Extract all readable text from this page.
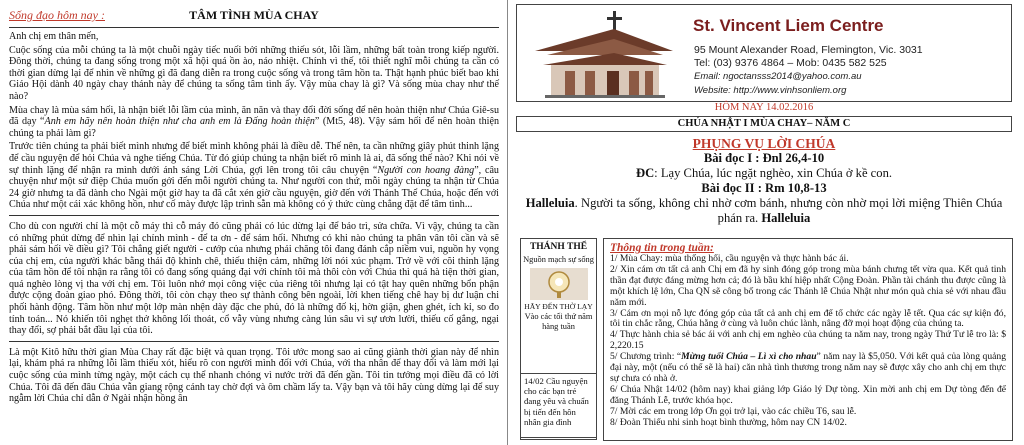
Sống đạo hôm nay :	TÂM TÌNH MÙA CHAY

Anh chị em thân mến,

Cuộc sống của mỗi chúng ta là một chuỗi ngày tiếc nuối bởi những thiếu sót, lỗi lầm, những bất toàn trong kiếp người. Đông thời, chúng ta đang sống trong một xã hội quá ồn ào, náo nhiệt. Chính vì thế, tôi thiết nghĩ mỗi chúng ta cần có thời gian dừng lại để nhìn về những gì đã đang diễn ra trong cuộc sống và trong tâm hồn ta. Thật hạnh phúc biết bao khi Giáo Hội dành 40 ngày chay thánh này để chúng ta sống tâm tình ấy. Vậy mùa chay là gì? Và sống mùa chay như thế nào?

Mùa chay là mùa sám hối, là nhận biết lỗi lầm của mình, ăn năn và thay đổi đời sống để nên hoàn thiện như Chúa Giê-su đã dạy “Anh em hãy nên hoàn thiện như cha anh em là Đấng hoàn thiện” (Mt5, 48). Vậy sám hối để nên hoàn thiện chúng ta phải làm gì?

Trước tiên chúng ta phải biết mình nhưng để biết mình không phải là điều dễ. Thế nên, ta cần những giây phút thinh lặng để cầu nguyện để hỏi Chúa và nghe tiếng Chúa. Từ đó giúp chúng ta nhận biết rõ mình là ai, đã sống thế nào? Khi nói về sự thinh lặng để nhận ra mình dưới ánh sáng Lời Chúa, gợi lên trong tôi câu chuyện “Người con hoang đàng”, câu chuyện như một sứ điệp Chúa muốn gởi đến mỗi người chúng ta. Như người con thứ, mỗi ngày chúng ta nhận từ Chúa 24 giờ nhưng ta đã dành cho Ngài một giờ hay ta đã cắt xén giờ cầu nguyện, giờ đến với Thánh Thể Chúa, hoặc đến với Chúa như một cái xác không hồn, như cố mày được lập trình sẵn mà không có ý thức cùng chẳng đặt để tâm tình...

Cho dù con người chỉ là một cỗ máy thì cỗ máy đó cũng phải có lúc dừng lại để bảo trì, sửa chữa. Vì vậy, chúng ta cần có những phút dừng để nhìn lại chính mình - để ta ơn - để sám hối. Nhưng có khi nào chúng ta phân vân tôi cần và sẽ phải sám hối về điều gì? Tôi chẳng giết người - cướp của nhưng phải chăng tôi đang đánh cắp niềm vui, nguồn hy vọng của chị em, của người khác bằng thái độ khinh chê, thiếu thiện cảm, những lời nói xúc phạm. Trở về với cõi thinh lặng của tâm hồn để tôi nhận ra rằng tôi có đang sống quảng đại với chính tôi mà thôi còn với Chúa thì quá hà tiện thời gian, quá nghèo lòng vị tha với chị em. Tôi luôn nhớ mọi công việc của riêng tôi nhưng lại có tật hay quên những bổn phận được cộng đoàn giao phó. Đông thời, tôi còn chạy theo sự thành công bên ngoài, lời khen tiếng chê hay bị dư luận chi phối hành động. Tâm hồn như một lớp màn nhện dày đặc che phủ, đó là những đố kị, hờn giận, ghen ghét, ích kỉ, so đo tính toán... Nó khiến tôi nghẹt thở không lối thoát, cổ vẫy vùng nhưng càng lún sâu vì sự ươn lười, thiếu cố gắng, ngại thay đổi, sợ phải bắt đầu lại của tôi.

Là một Kitô hữu thời gian Mùa Chay rất đặc biệt và quan trọng. Tôi ước mong sao ai cũng giành thời gian này để nhìn lại, khám phá ra những lỗi lầm thiếu xót, hiểu rõ con người mình đối với Chúa, với tha nhân để thay đổi và làm mới lại cuộc sống của mình từng ngày, một cách cụ thể nhanh chóng vì nước trời đã đến gần. Tôi tin tưởng mọi điều đã có lời Chúa. Tôi đã đến đâu Chúa vẫn giang rộng cánh tay chờ đợi và ôm chầm lấy ta. Vậy bạn và tôi hãy cùng dừng lại để suy ngẫm lời Chúa chỉ dẫn ở Ngài nhận hồng ân

St. Vincent Liem Centre
95 Mount Alexander Road, Flemington, Vic. 3031
Tel: (03) 9376 4864 – Mob: 0435 582 525
Email: ngoctansss2014@yahoo.com.au
Website: http://www.vinhsonliem.org
HÔM NAY 14.02.2016
CHÚA NHẬT I MÙA CHAY– NĂM C
PHỤNG VỤ LỜI CHÚA
Bài đọc I : Đnl 26,4-10
ĐC: Lạy Chúa, lúc ngặt nghèo, xin Chúa ở kề con.
Bài đọc II : Rm 10,8-13
Halleluia. Người ta sống, không chỉ nhờ cơm bánh, nhưng còn nhờ mọi lời miệng Thiên Chúa phán ra. Halleluia
THÁNH THỂ
Nguồn mạch sự sống
HÃY ĐẾN THỜ LẠY
Vào các tối thứ năm hàng tuần
14/02 Cầu nguyện cho các bạn trẻ đang yêu và chuẩn bị tiến đến hôn nhân gia đình
Thông tin trong tuần:
1/ Mùa Chay: mùa thống hối, cầu nguyện và thực hành bác ái.
2/ Xin cám ơn tất cả anh Chị em đã hy sinh đóng góp trong mùa bánh chưng tết vừa qua. Kết quả tinh thần đạt được đáng mừng hơn cả; đó là bầu khí hiệp nhất Cộng Đoàn. Phần tài chánh thu được cũng là một khích lệ lớn, Cha QN sẽ công bố trong các Thánh lễ Chúa Nhật như món quà chia sẻ với nhau đầu năm mới.
3/ Cám ơn mọi nỗ lực đóng góp của tất cả anh chị em để tổ chức các ngày lễ tết. Qua các sự kiện đó, tôi tin chắc rằng, Chúa hằng ở cùng và luôn chúc lành, nâng đỡ mọi hoạt động của chúng ta.
4/ Thực hành chia sẻ bác ái với anh chị em nghèo của chúng ta năm nay, trong ngày Thứ Tư lễ tro là: $ 2,220.15
5/ Chương trình: “Mừng tuổi Chúa – Lì xì cho nhau” năm nay là $5,050. Với kết quả của lòng quảng đại này, một (nếu có thể sẽ là hai) căn nhà tình thương trong năm nay sẽ được xây cho anh chị em thực sự chưa có nhà ở.
6/ Chúa Nhật 14/02 (hôm nay) khai giảng lớp Giáo lý Dự tòng. Xin mời anh chị em Dự tòng đến để đăng Thánh Lễ, trước khóa học.
7/ Mời các em trong lớp Ơn gọi trở lại, vào các chiều T6, sau lễ.
8/ Đoàn Thiếu nhi sinh hoạt bình thường, hôm nay CN 14/02.
